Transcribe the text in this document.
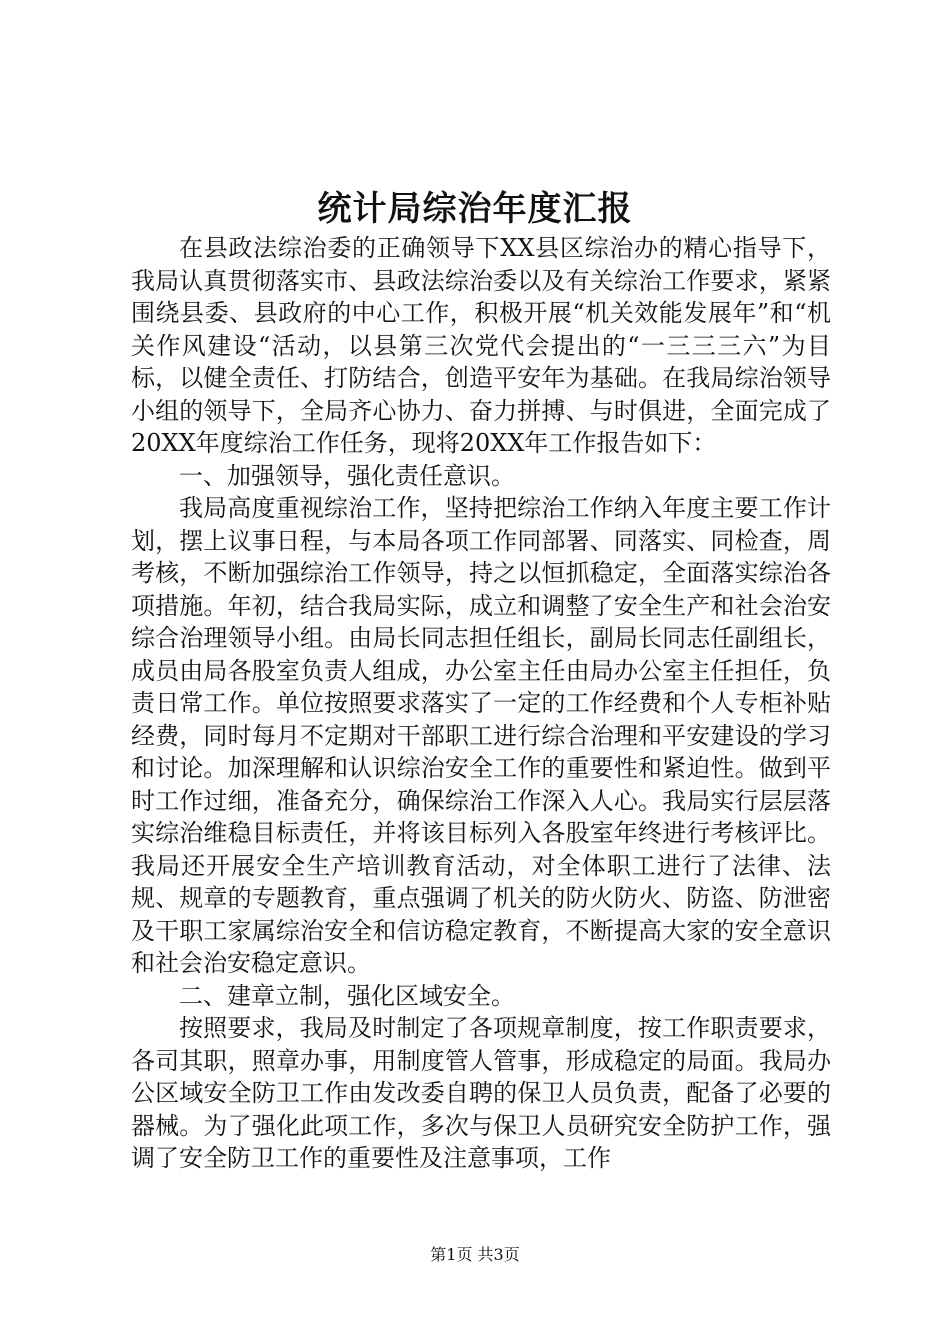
统计局综治年度汇报

在县政法综治委的正确领导下XX县区综治办的精心指导下，我局认真贯彻落实市、县政法综治委以及有关综治工作要求，紧紧围绕县委、县政府的中心工作，积极开展“机关效能发展年”和“机关作风建设“活动，以县第三次党代会提出的“一三三三六”为目标，以健全责任、打防结合，创造平安年为基础。在我局综治领导小组的领导下，全局齐心协力、奋力拼搏、与时俱进，全面完成了20XX年度综治工作任务，现将20XX年工作报告如下：

一、加强领导，强化责任意识。

我局高度重视综治工作，坚持把综治工作纳入年度主要工作计划，摆上议事日程，与本局各项工作同部署、同落实、同检查，周考核，不断加强综治工作领导，持之以恒抓稳定，全面落实综治各项措施。年初，结合我局实际，成立和调整了安全生产和社会治安综合治理领导小组。由局长同志担任组长，副局长同志任副组长，成员由局各股室负责人组成，办公室主任由局办公室主任担任，负责日常工作。单位按照要求落实了一定的工作经费和个人专柜补贴经费，同时每月不定期对干部职工进行综合治理和平安建设的学习和讨论。加深理解和认识综治安全工作的重要性和紧迫性。做到平时工作过细，准备充分，确保综治工作深入人心。我局实行层层落实综治维稳目标责任，并将该目标列入各股室年终进行考核评比。我局还开展安全生产培训教育活动，对全体职工进行了法律、法规、规章的专题教育，重点强调了机关的防火防火、防盗、防泄密及干职工家属综治安全和信访稳定教育，不断提高大家的安全意识和社会治安稳定意识。

二、建章立制，强化区域安全。

按照要求，我局及时制定了各项规章制度，按工作职责要求，各司其职，照章办事，用制度管人管事，形成稳定的局面。我局办公区域安全防卫工作由发改委自聘的保卫人员负责，配备了必要的器械。为了强化此项工作，多次与保卫人员研究安全防护工作，强调了安全防卫工作的重要性及注意事项，工作

第1页 共3页
